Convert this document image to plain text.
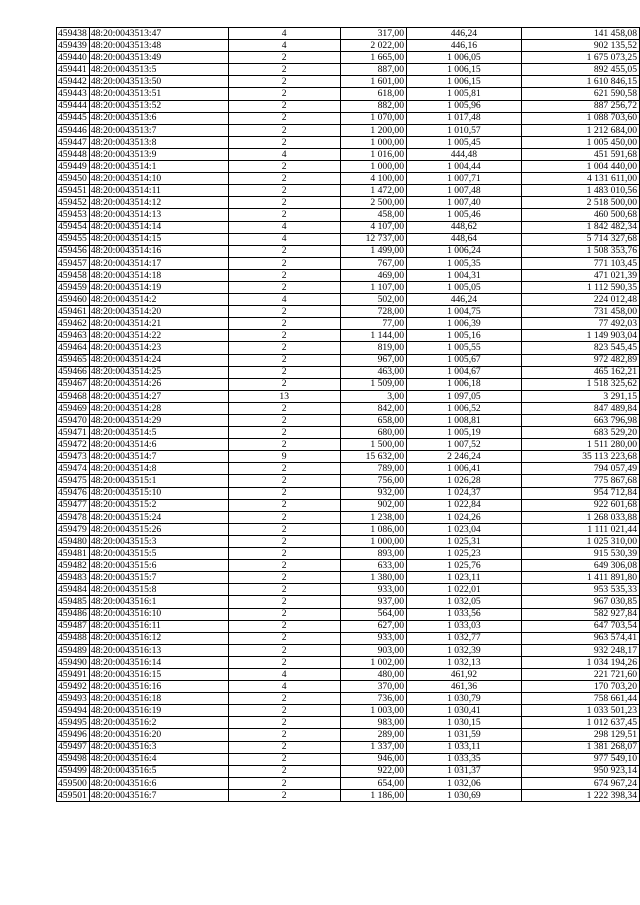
459438	48:20:0043513:47	4	317,00	446,24	141 458,08
459439	48:20:0043513:48	4	2 022,00	446,16	902 135,52
459440	48:20:0043513:49	2	1 665,00	1 006,05	1 675 073,25
459441	48:20:0043513:5	2	887,00	1 006,15	892 455,05
459442	48:20:0043513:50	2	1 601,00	1 006,15	1 610 846,15
459443	48:20:0043513:51	2	618,00	1 005,81	621 590,58
459444	48:20:0043513:52	2	882,00	1 005,96	887 256,72
459445	48:20:0043513:6	2	1 070,00	1 017,48	1 088 703,60
459446	48:20:0043513:7	2	1 200,00	1 010,57	1 212 684,00
459447	48:20:0043513:8	2	1 000,00	1 005,45	1 005 450,00
459448	48:20:0043513:9	4	1 016,00	444,48	451 591,68
459449	48:20:0043514:1	2	1 000,00	1 004,44	1 004 440,00
459450	48:20:0043514:10	2	4 100,00	1 007,71	4 131 611,00
459451	48:20:0043514:11	2	1 472,00	1 007,48	1 483 010,56
459452	48:20:0043514:12	2	2 500,00	1 007,40	2 518 500,00
459453	48:20:0043514:13	2	458,00	1 005,46	460 500,68
459454	48:20:0043514:14	4	4 107,00	448,62	1 842 482,34
459455	48:20:0043514:15	4	12 737,00	448,64	5 714 327,68
459456	48:20:0043514:16	2	1 499,00	1 006,24	1 508 353,76
459457	48:20:0043514:17	2	767,00	1 005,35	771 103,45
459458	48:20:0043514:18	2	469,00	1 004,31	471 021,39
459459	48:20:0043514:19	2	1 107,00	1 005,05	1 112 590,35
459460	48:20:0043514:2	4	502,00	446,24	224 012,48
459461	48:20:0043514:20	2	728,00	1 004,75	731 458,00
459462	48:20:0043514:21	2	77,00	1 006,39	77 492,03
459463	48:20:0043514:22	2	1 144,00	1 005,16	1 149 903,04
459464	48:20:0043514:23	2	819,00	1 005,55	823 545,45
459465	48:20:0043514:24	2	967,00	1 005,67	972 482,89
459466	48:20:0043514:25	2	463,00	1 004,67	465 162,21
459467	48:20:0043514:26	2	1 509,00	1 006,18	1 518 325,62
459468	48:20:0043514:27	13	3,00	1 097,05	3 291,15
459469	48:20:0043514:28	2	842,00	1 006,52	847 489,84
459470	48:20:0043514:29	2	658,00	1 008,81	663 796,98
459471	48:20:0043514:5	2	680,00	1 005,19	683 529,20
459472	48:20:0043514:6	2	1 500,00	1 007,52	1 511 280,00
459473	48:20:0043514:7	9	15 632,00	2 246,24	35 113 223,68
459474	48:20:0043514:8	2	789,00	1 006,41	794 057,49
459475	48:20:0043515:1	2	756,00	1 026,28	775 867,68
459476	48:20:0043515:10	2	932,00	1 024,37	954 712,84
459477	48:20:0043515:2	2	902,00	1 022,84	922 601,68
459478	48:20:0043515:24	2	1 238,00	1 024,26	1 268 033,88
459479	48:20:0043515:26	2	1 086,00	1 023,04	1 111 021,44
459480	48:20:0043515:3	2	1 000,00	1 025,31	1 025 310,00
459481	48:20:0043515:5	2	893,00	1 025,23	915 530,39
459482	48:20:0043515:6	2	633,00	1 025,76	649 306,08
459483	48:20:0043515:7	2	1 380,00	1 023,11	1 411 891,80
459484	48:20:0043515:8	2	933,00	1 022,01	953 535,33
459485	48:20:0043516:1	2	937,00	1 032,05	967 030,85
459486	48:20:0043516:10	2	564,00	1 033,56	582 927,84
459487	48:20:0043516:11	2	627,00	1 033,03	647 703,54
459488	48:20:0043516:12	2	933,00	1 032,77	963 574,41
459489	48:20:0043516:13	2	903,00	1 032,39	932 248,17
459490	48:20:0043516:14	2	1 002,00	1 032,13	1 034 194,26
459491	48:20:0043516:15	4	480,00	461,92	221 721,60
459492	48:20:0043516:16	4	370,00	461,36	170 703,20
459493	48:20:0043516:18	2	736,00	1 030,79	758 661,44
459494	48:20:0043516:19	2	1 003,00	1 030,41	1 033 501,23
459495	48:20:0043516:2	2	983,00	1 030,15	1 012 637,45
459496	48:20:0043516:20	2	289,00	1 031,59	298 129,51
459497	48:20:0043516:3	2	1 337,00	1 033,11	1 381 268,07
459498	48:20:0043516:4	2	946,00	1 033,35	977 549,10
459499	48:20:0043516:5	2	922,00	1 031,37	950 923,14
459500	48:20:0043516:6	2	654,00	1 032,06	674 967,24
459501	48:20:0043516:7	2	1 186,00	1 030,69	1 222 398,34
